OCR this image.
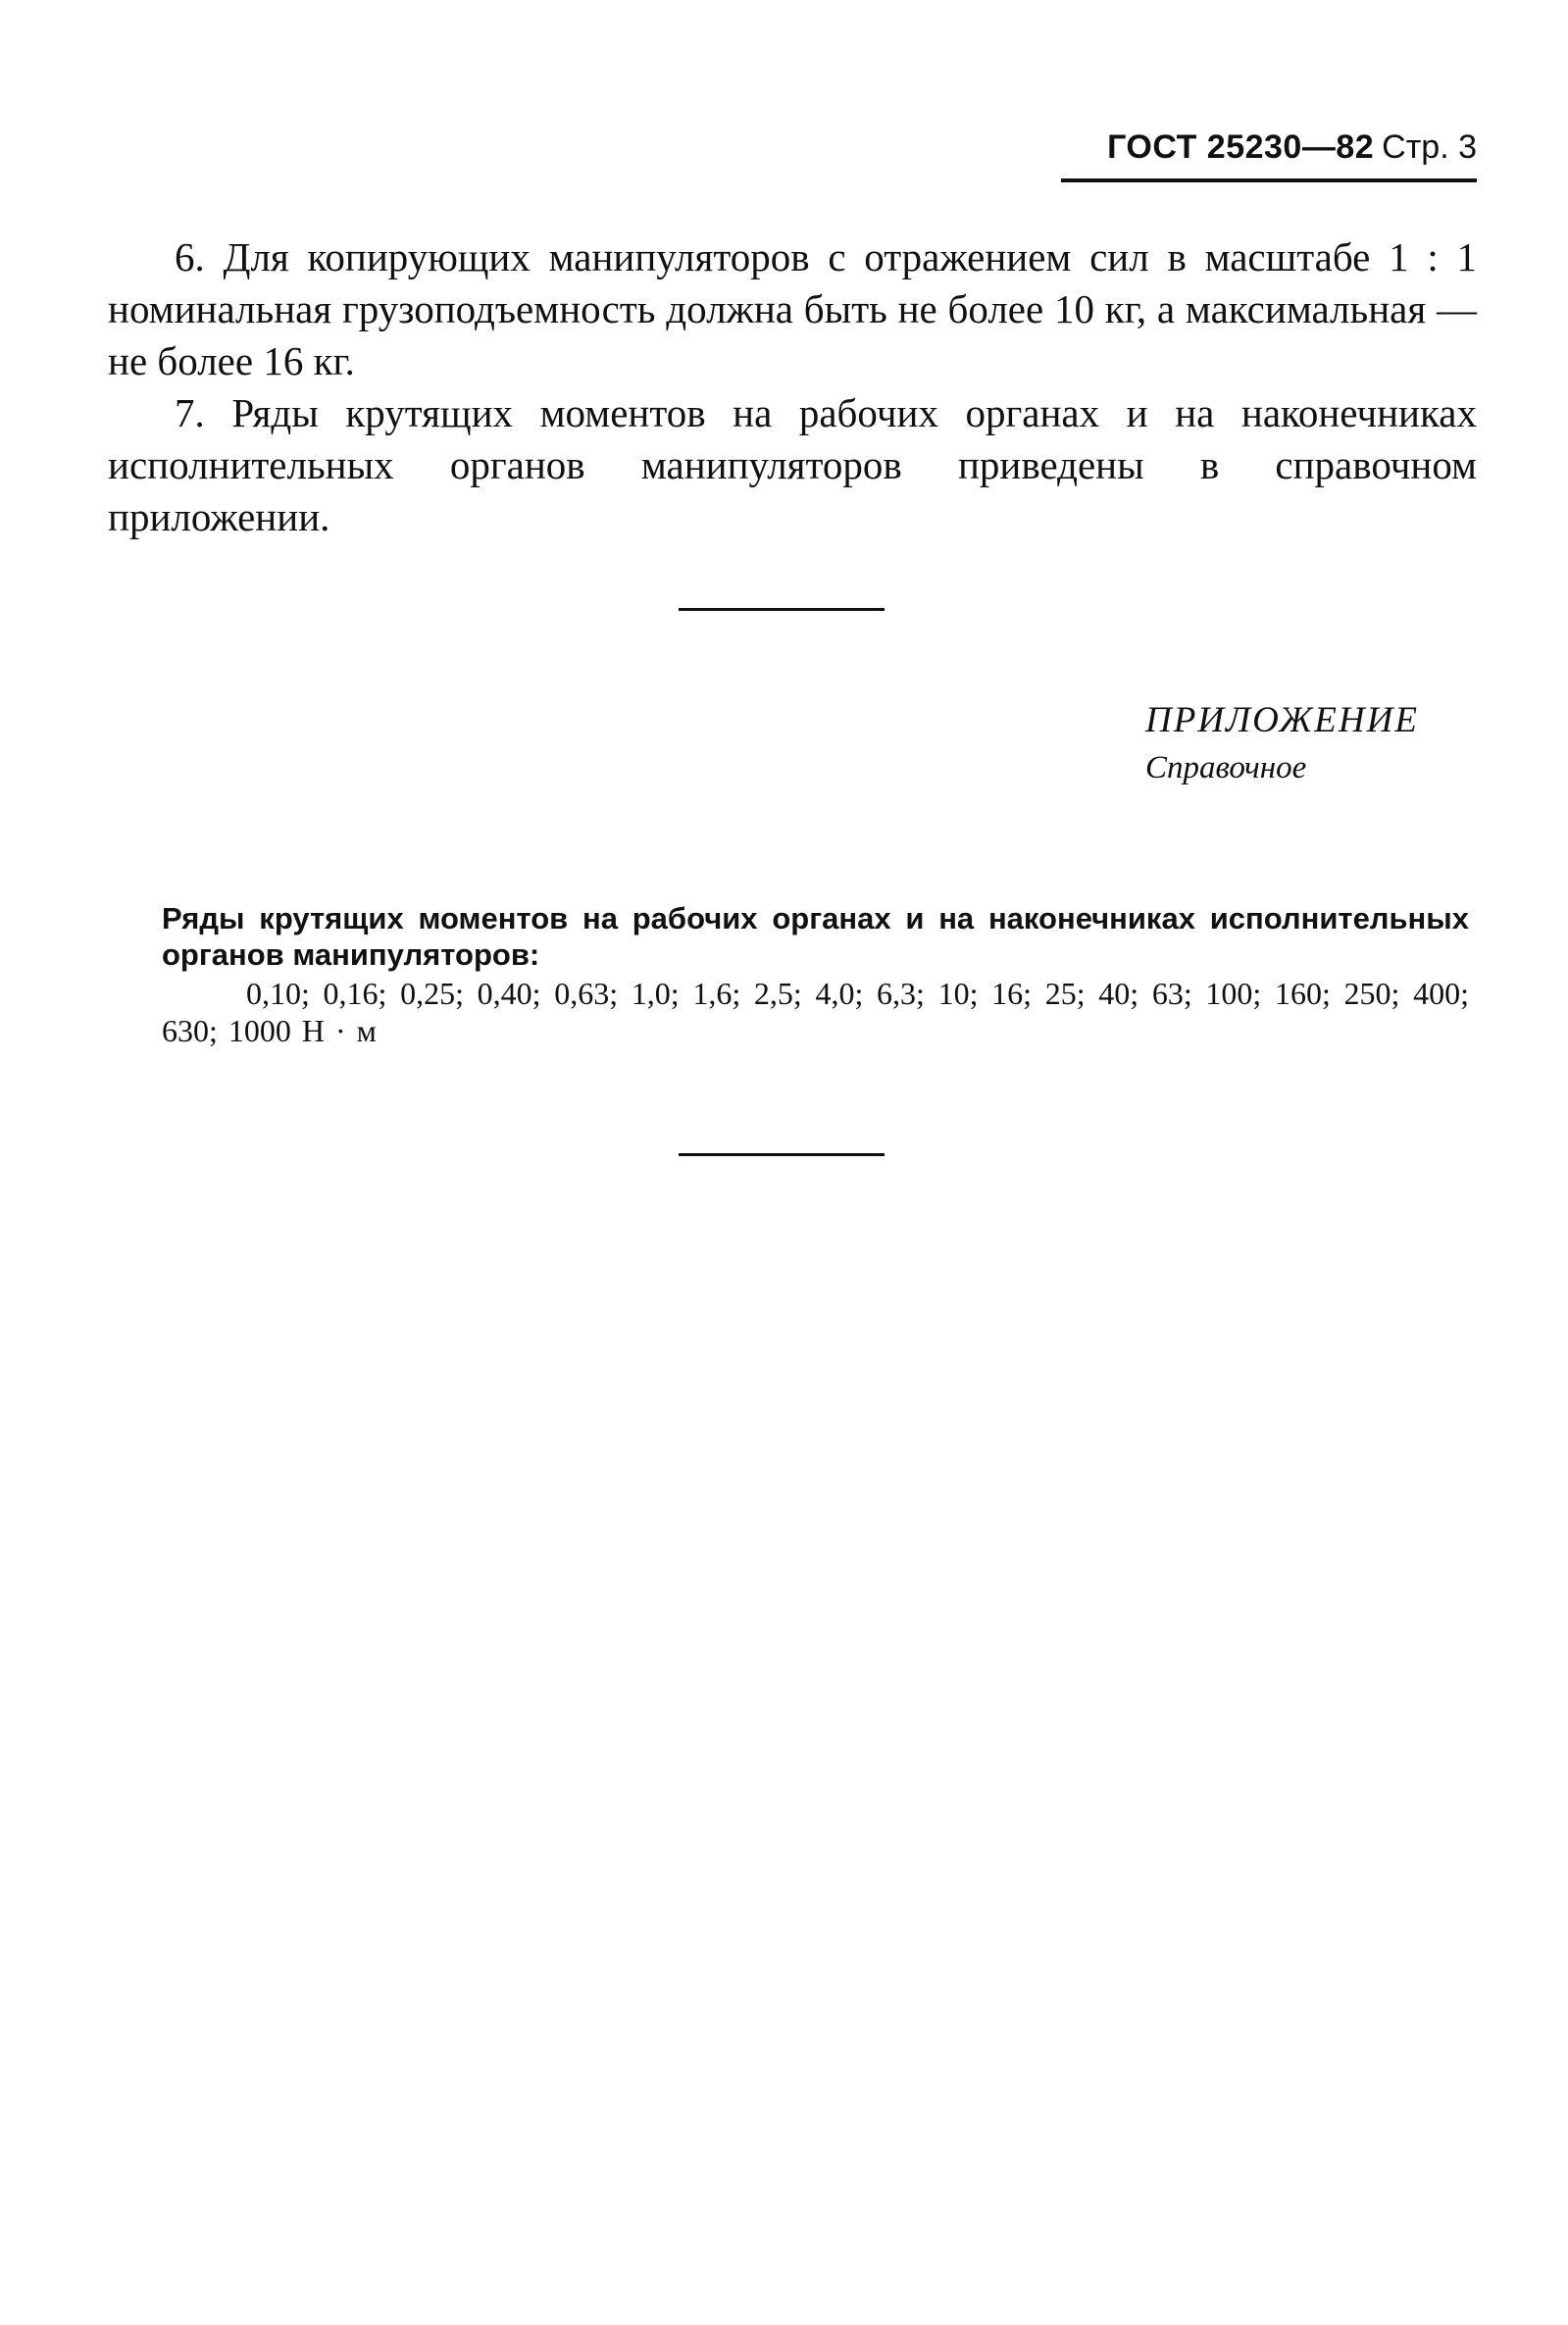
ГОСТ 25230—82 Стр. 3

6. Для копирующих манипуляторов с отражением сил в масштабе 1 : 1 номинальная грузоподъемность должна быть не более 10 кг, а максимальная — не более 16 кг.

7. Ряды крутящих моментов на рабочих органах и на наконечниках исполнительных органов манипуляторов приведены в справочном приложении.

ПРИЛОЖЕНИЕ
Справочное

Ряды крутящих моментов на рабочих органах и на наконечниках исполнительных органов манипуляторов:

0,10; 0,16; 0,25; 0,40; 0,63; 1,0; 1,6; 2,5; 4,0; 6,3; 10; 16; 25; 40; 63; 100; 160; 250; 400; 630; 1000 Н · м
